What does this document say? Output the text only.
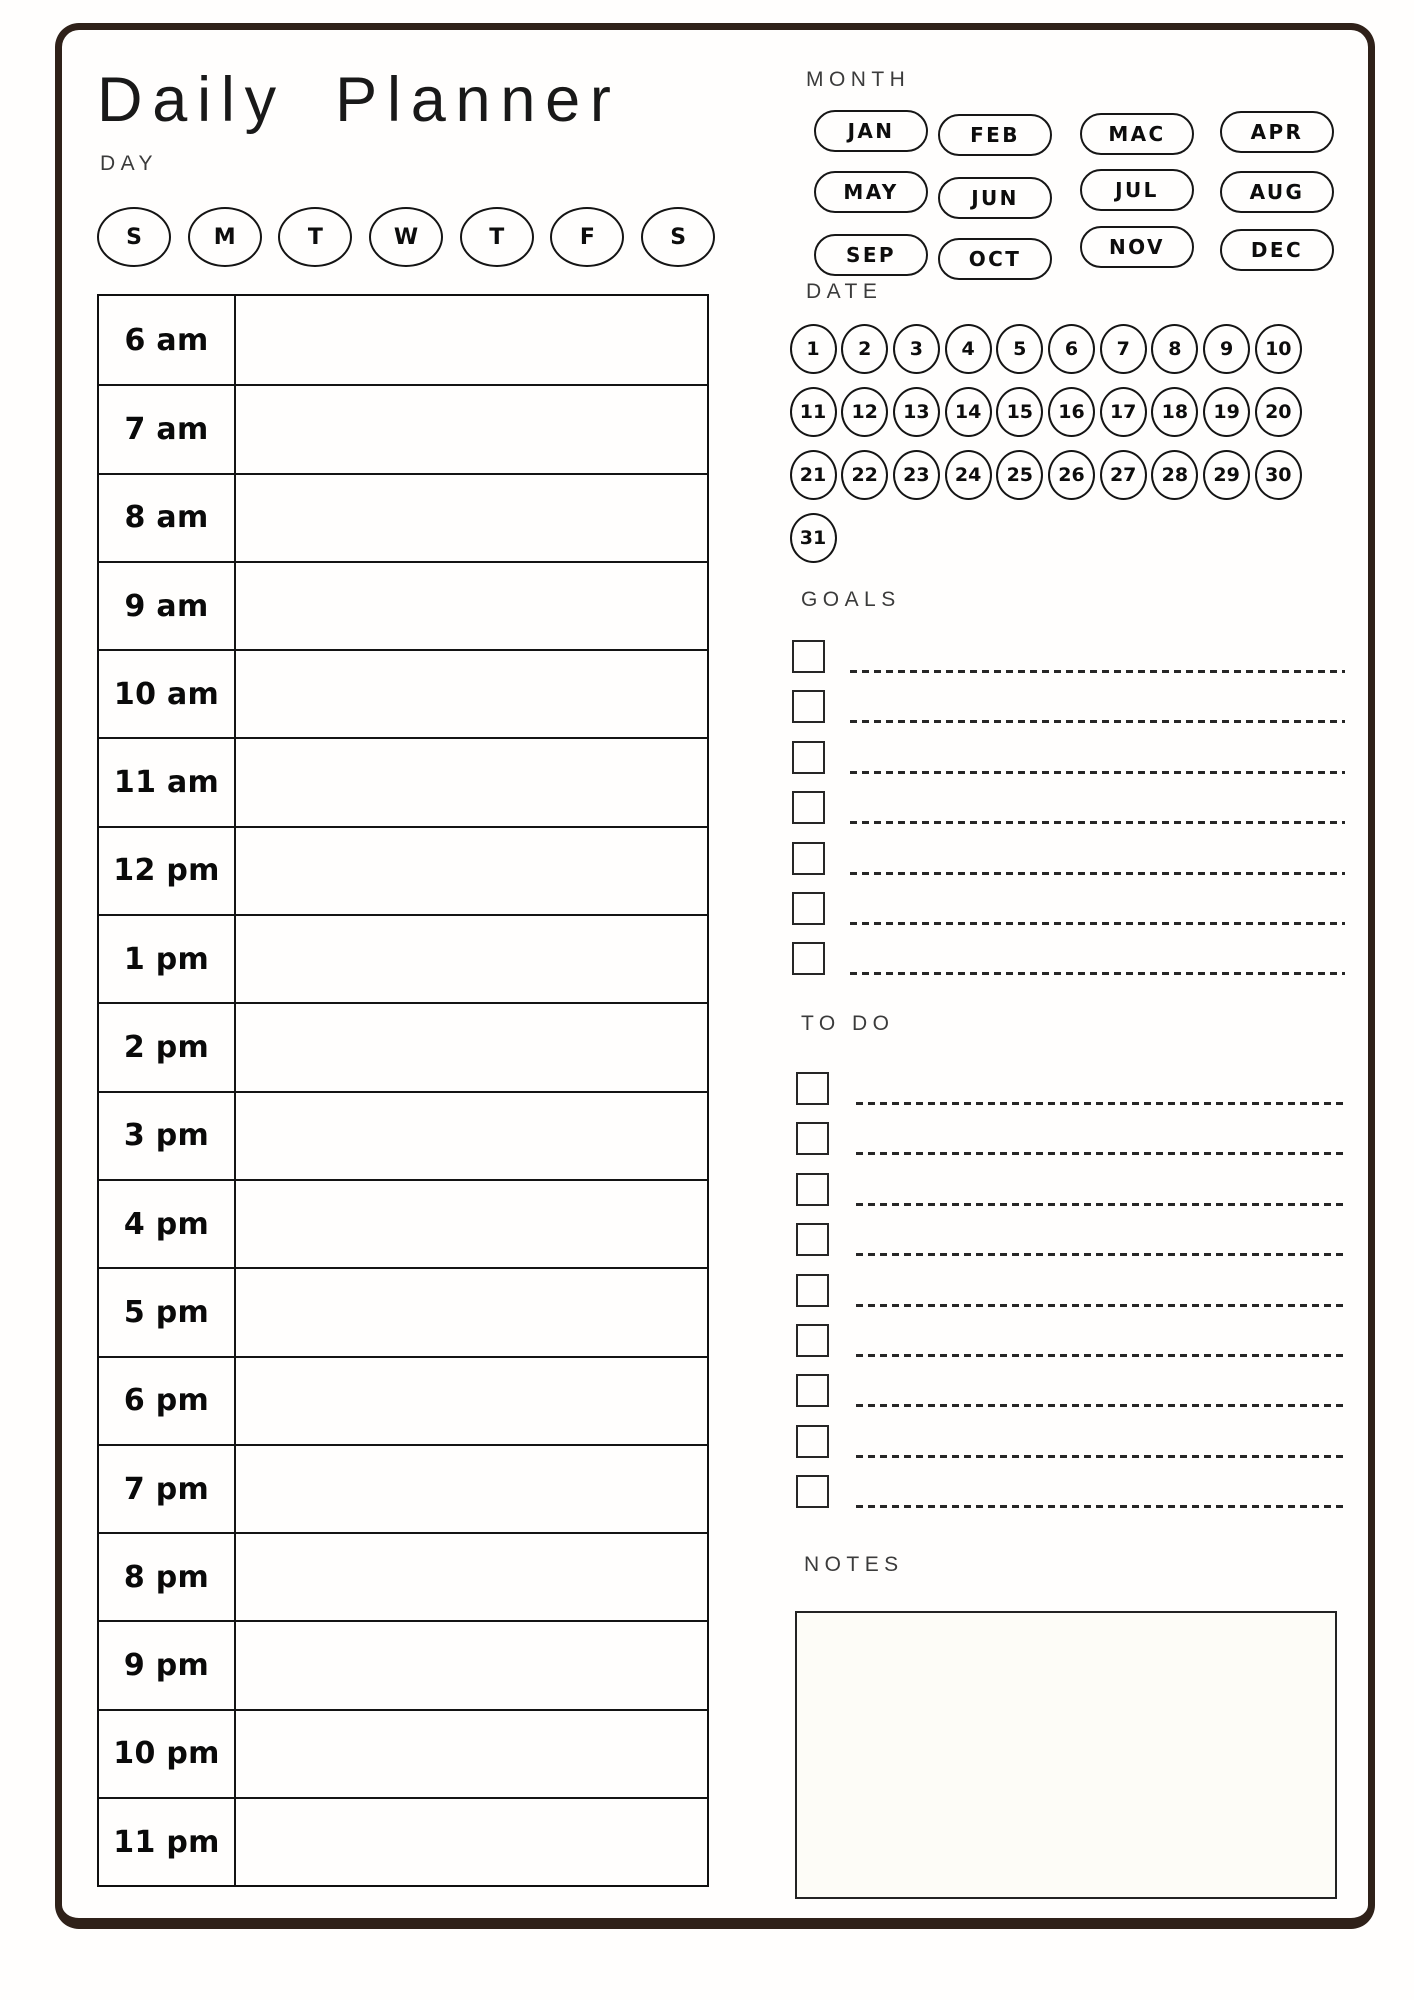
Daily Planner
DAY
S	M	T	W	T	F	S
MONTH
JAN	FEB	MAC	APR
MAY	JUN	JUL	AUG
SEP	OCT	NOV	DEC
DATE
1	2	3	4	5	6	7	8	9	10
11	12	13	14	15	16	17	18	19	20
21	22	23	24	25	26	27	28	29	30
31
6 am
7 am
8 am
9 am
10 am
11 am
12 pm
1 pm
2 pm
3 pm
4 pm
5 pm
6 pm
7 pm
8 pm
9 pm
10 pm
11 pm
GOALS
TO DO
NOTES
